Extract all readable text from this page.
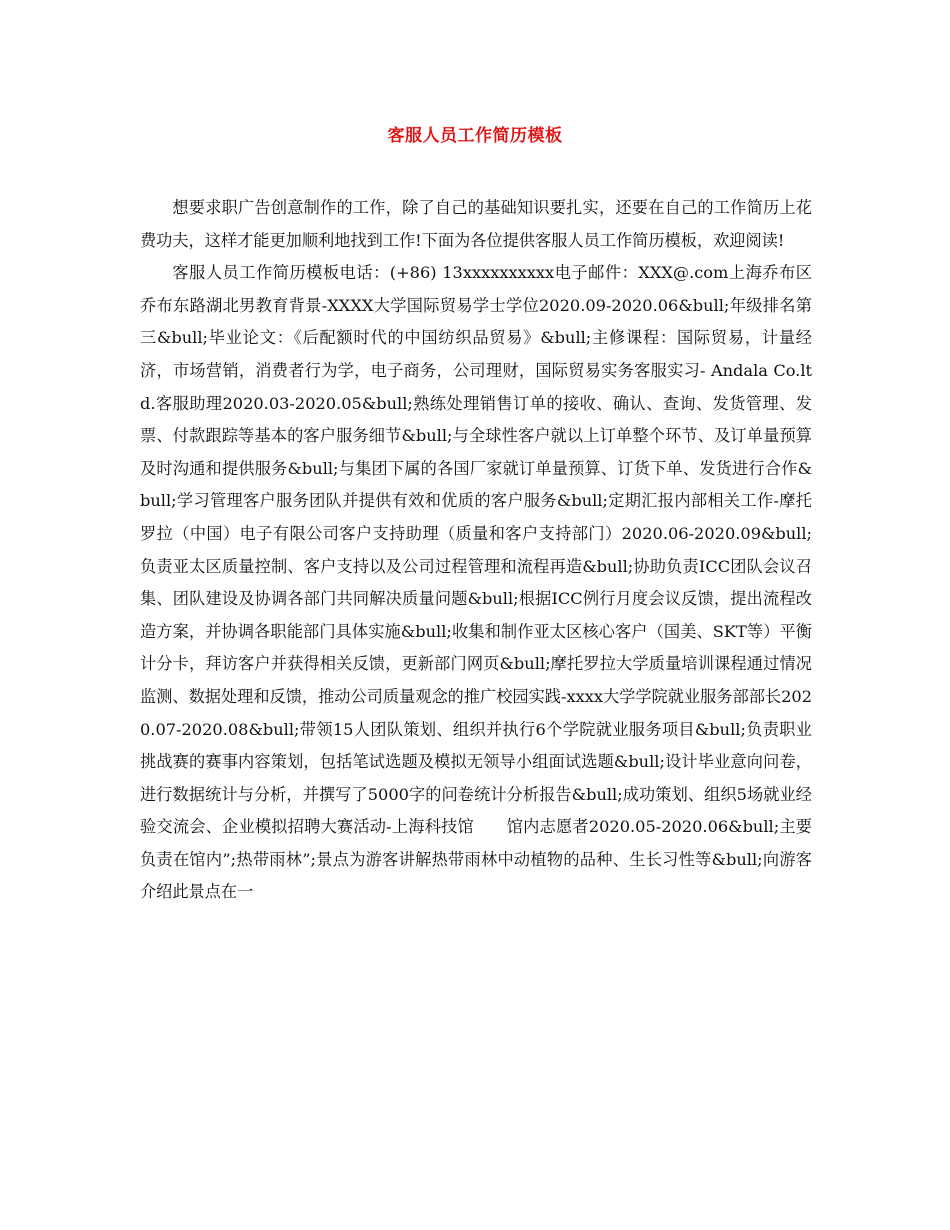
客服人员工作简历模板

想要求职广告创意制作的工作，除了自己的基础知识要扎实，还要在自己的工作简历上花费功夫，这样才能更加顺利地找到工作!下面为各位提供客服人员工作简历模板，欢迎阅读!

客服人员工作简历模板电话：(+86) 13xxxxxxxxxx电子邮件：XXX@.com上海乔布区乔布东路湖北男教育背景-XXXX大学国际贸易学士学位2020.09-2020.06&bull;年级排名第三&bull;毕业论文：《后配额时代的中国纺织品贸易》&bull;主修课程：国际贸易，计量经济，市场营销，消费者行为学，电子商务，公司理财，国际贸易实务客服实习- Andala Co.ltd.客服助理2020.03-2020.05&bull;熟练处理销售订单的接收、确认、查询、发货管理、发票、付款跟踪等基本的客户服务细节&bull;与全球性客户就以上订单整个环节、及订单量预算及时沟通和提供服务&bull;与集团下属的各国厂家就订单量预算、订货下单、发货进行合作&bull;学习管理客户服务团队并提供有效和优质的客户服务&bull;定期汇报内部相关工作-摩托罗拉（中国）电子有限公司客户支持助理（质量和客户支持部门）2020.06-2020.09&bull;负责亚太区质量控制、客户支持以及公司过程管理和流程再造&bull;协助负责ICC团队会议召集、团队建设及协调各部门共同解决质量问题&bull;根据ICC例行月度会议反馈，提出流程改造方案，并协调各职能部门具体实施&bull;收集和制作亚太区核心客户（国美、SKT等）平衡计分卡，拜访客户并获得相关反馈，更新部门网页&bull;摩托罗拉大学质量培训课程通过情况监测、数据处理和反馈，推动公司质量观念的推广校园实践-xxxx大学学院就业服务部部长2020.07-2020.08&bull;带领15人团队策划、组织并执行6个学院就业服务项目&bull;负责职业挑战赛的赛事内容策划，包括笔试选题及模拟无领导小组面试选题&bull;设计毕业意向问卷，进行数据统计与分析，并撰写了5000字的问卷统计分析报告&bull;成功策划、组织5场就业经验交流会、企业模拟招聘大赛活动-上海科技馆　　馆内志愿者2020.05-2020.06&bull;主要负责在馆内”;热带雨林”;景点为游客讲解热带雨林中动植物的品种、生长习性等&bull;向游客介绍此景点在一
